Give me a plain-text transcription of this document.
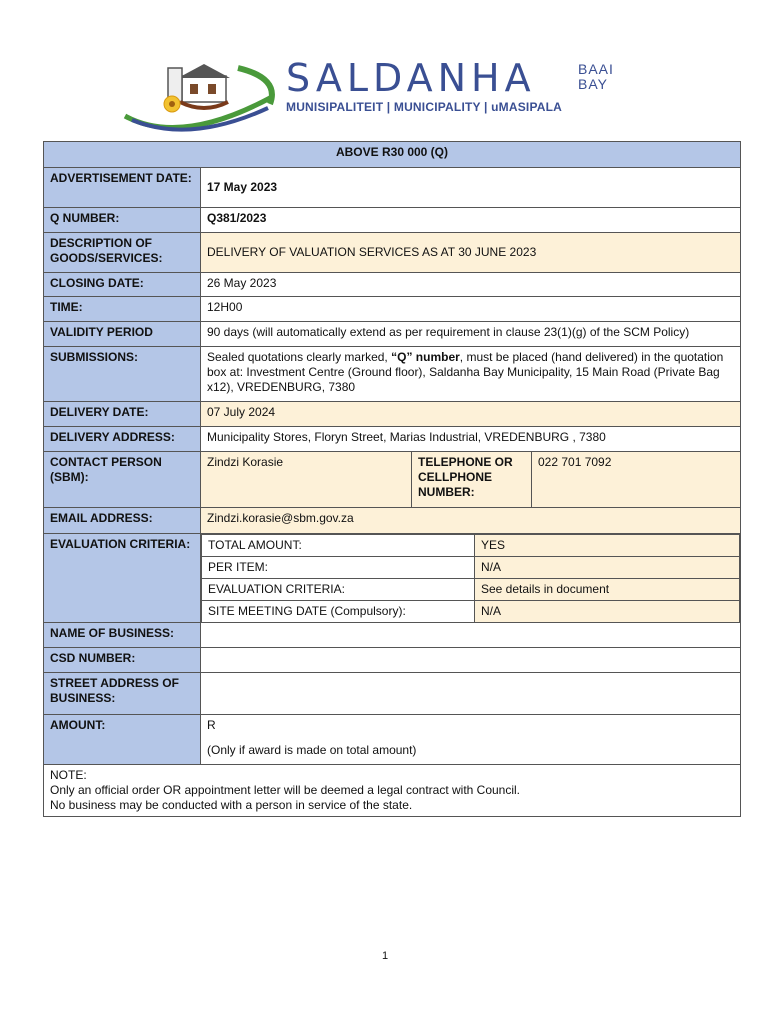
SALDANHA	BAAI
BAY
MUNISIPALITEIT | MUNICIPALITY | uMASIPALA
ABOVE R30 000 (Q)
ADVERTISEMENT DATE:	17 May 2023
Q NUMBER:	Q381/2023
DESCRIPTION OF GOODS/SERVICES:	DELIVERY OF VALUATION SERVICES AS AT 30 JUNE 2023
CLOSING DATE:	26 May 2023
TIME:	12H00
VALIDITY PERIOD	90 days (will automatically extend as per requirement in clause 23(1)(g) of the SCM Policy)
SUBMISSIONS:	Sealed quotations clearly marked, “Q” number, must be placed (hand delivered) in the quotation box at: Investment Centre (Ground floor), Saldanha Bay Municipality, 15 Main Road (Private Bag x12), VREDENBURG, 7380
DELIVERY DATE:	07 July 2024
DELIVERY ADDRESS:	Municipality Stores, Floryn Street, Marias Industrial, VREDENBURG , 7380
CONTACT PERSON (SBM):	Zindzi Korasie	TELEPHONE OR CELLPHONE NUMBER:	022 701 7092
EMAIL ADDRESS:	Zindzi.korasie@sbm.gov.za
EVALUATION CRITERIA:	TOTAL AMOUNT:	YES
PER ITEM:	N/A
EVALUATION CRITERIA:	See details in document
SITE MEETING DATE (Compulsory):	N/A

NAME OF BUSINESS:	
CSD NUMBER:	
STREET ADDRESS OF BUSINESS:	
AMOUNT:	R
(Only if award is made on total amount)

NOTE:
Only an official order OR appointment letter will be deemed a legal contract with Council.
No business may be conducted with a person in service of the state.
1
